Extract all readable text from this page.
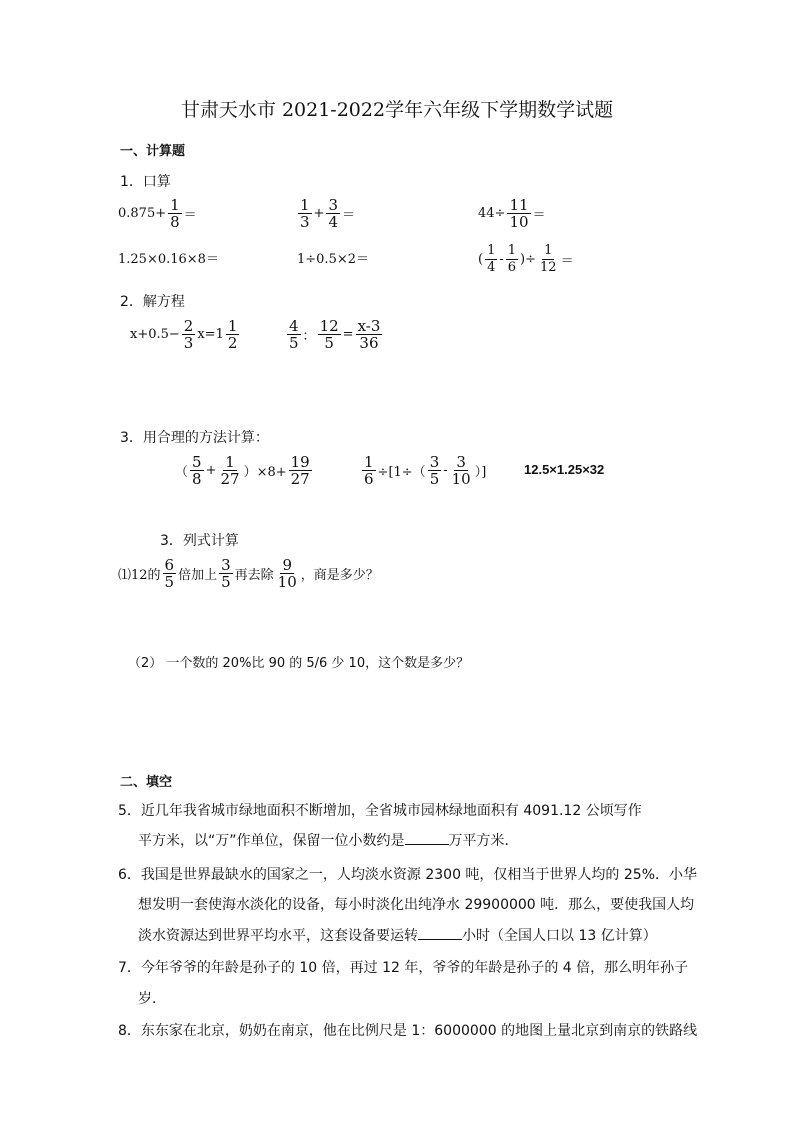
甘肃天水市 2021-2022学年六年级下学期数学试题
一、计算题
1．口算
$0.875+ \frac{1}{8}$ ＝	$\frac{1}{3} + \frac{3}{4}$ ＝	$44\div \frac{11}{10}$ ＝
1.25×0.16×8＝	1÷0.5×2＝	( $\frac{1}{4} - \frac{1}{6}$ )÷ $\frac{1}{12}$ ＝
2．解方程
$x+0.5- \frac{2}{3} x=1 \frac{1}{2}$	$\frac{4}{5}$ ： $\frac{12}{5} = \frac{x-3}{36}$
3．用合理的方法计算：
（ $\frac{5}{8} + \frac{1}{27} )\times 8+ \frac{19}{27}$	$\frac{1}{6} \div[1\div( \frac{3}{5} - \frac{3}{10}$ ）]	12.5×1.25×32
3．列式计算
⑴12的 $\frac{6}{5}$ 倍加上 $\frac{3}{5}$ 再去除 $\frac{9}{10}$ ，商是多少？
（2） 一个数的 20%比 90 的 5/6 少 10，这个数是多少？
二、填空
5．近几年我省城市绿地面积不断增加，全省城市园林绿地面积有 4091.12 公顷写作
平方米，以“万”作单位，保留一位小数约是	万平方米．
6．我国是世界最缺水的国家之一，人均淡水资源 2300 吨，仅相当于世界人均的 25%．小华
想发明一套使海水淡化的设备，每小时淡化出纯净水 29900000 吨．那么，要使我国人均
淡水资源达到世界平均水平，这套设备要运转	小时（全国人口以 13 亿计算）
7．今年爷爷的年龄是孙子的 10 倍，再过 12 年，爷爷的年龄是孙子的 4 倍，那么明年孙子
岁．
8．东东家在北京，奶奶在南京，他在比例尺是 1：6000000 的地图上量北京到南京的铁路线
